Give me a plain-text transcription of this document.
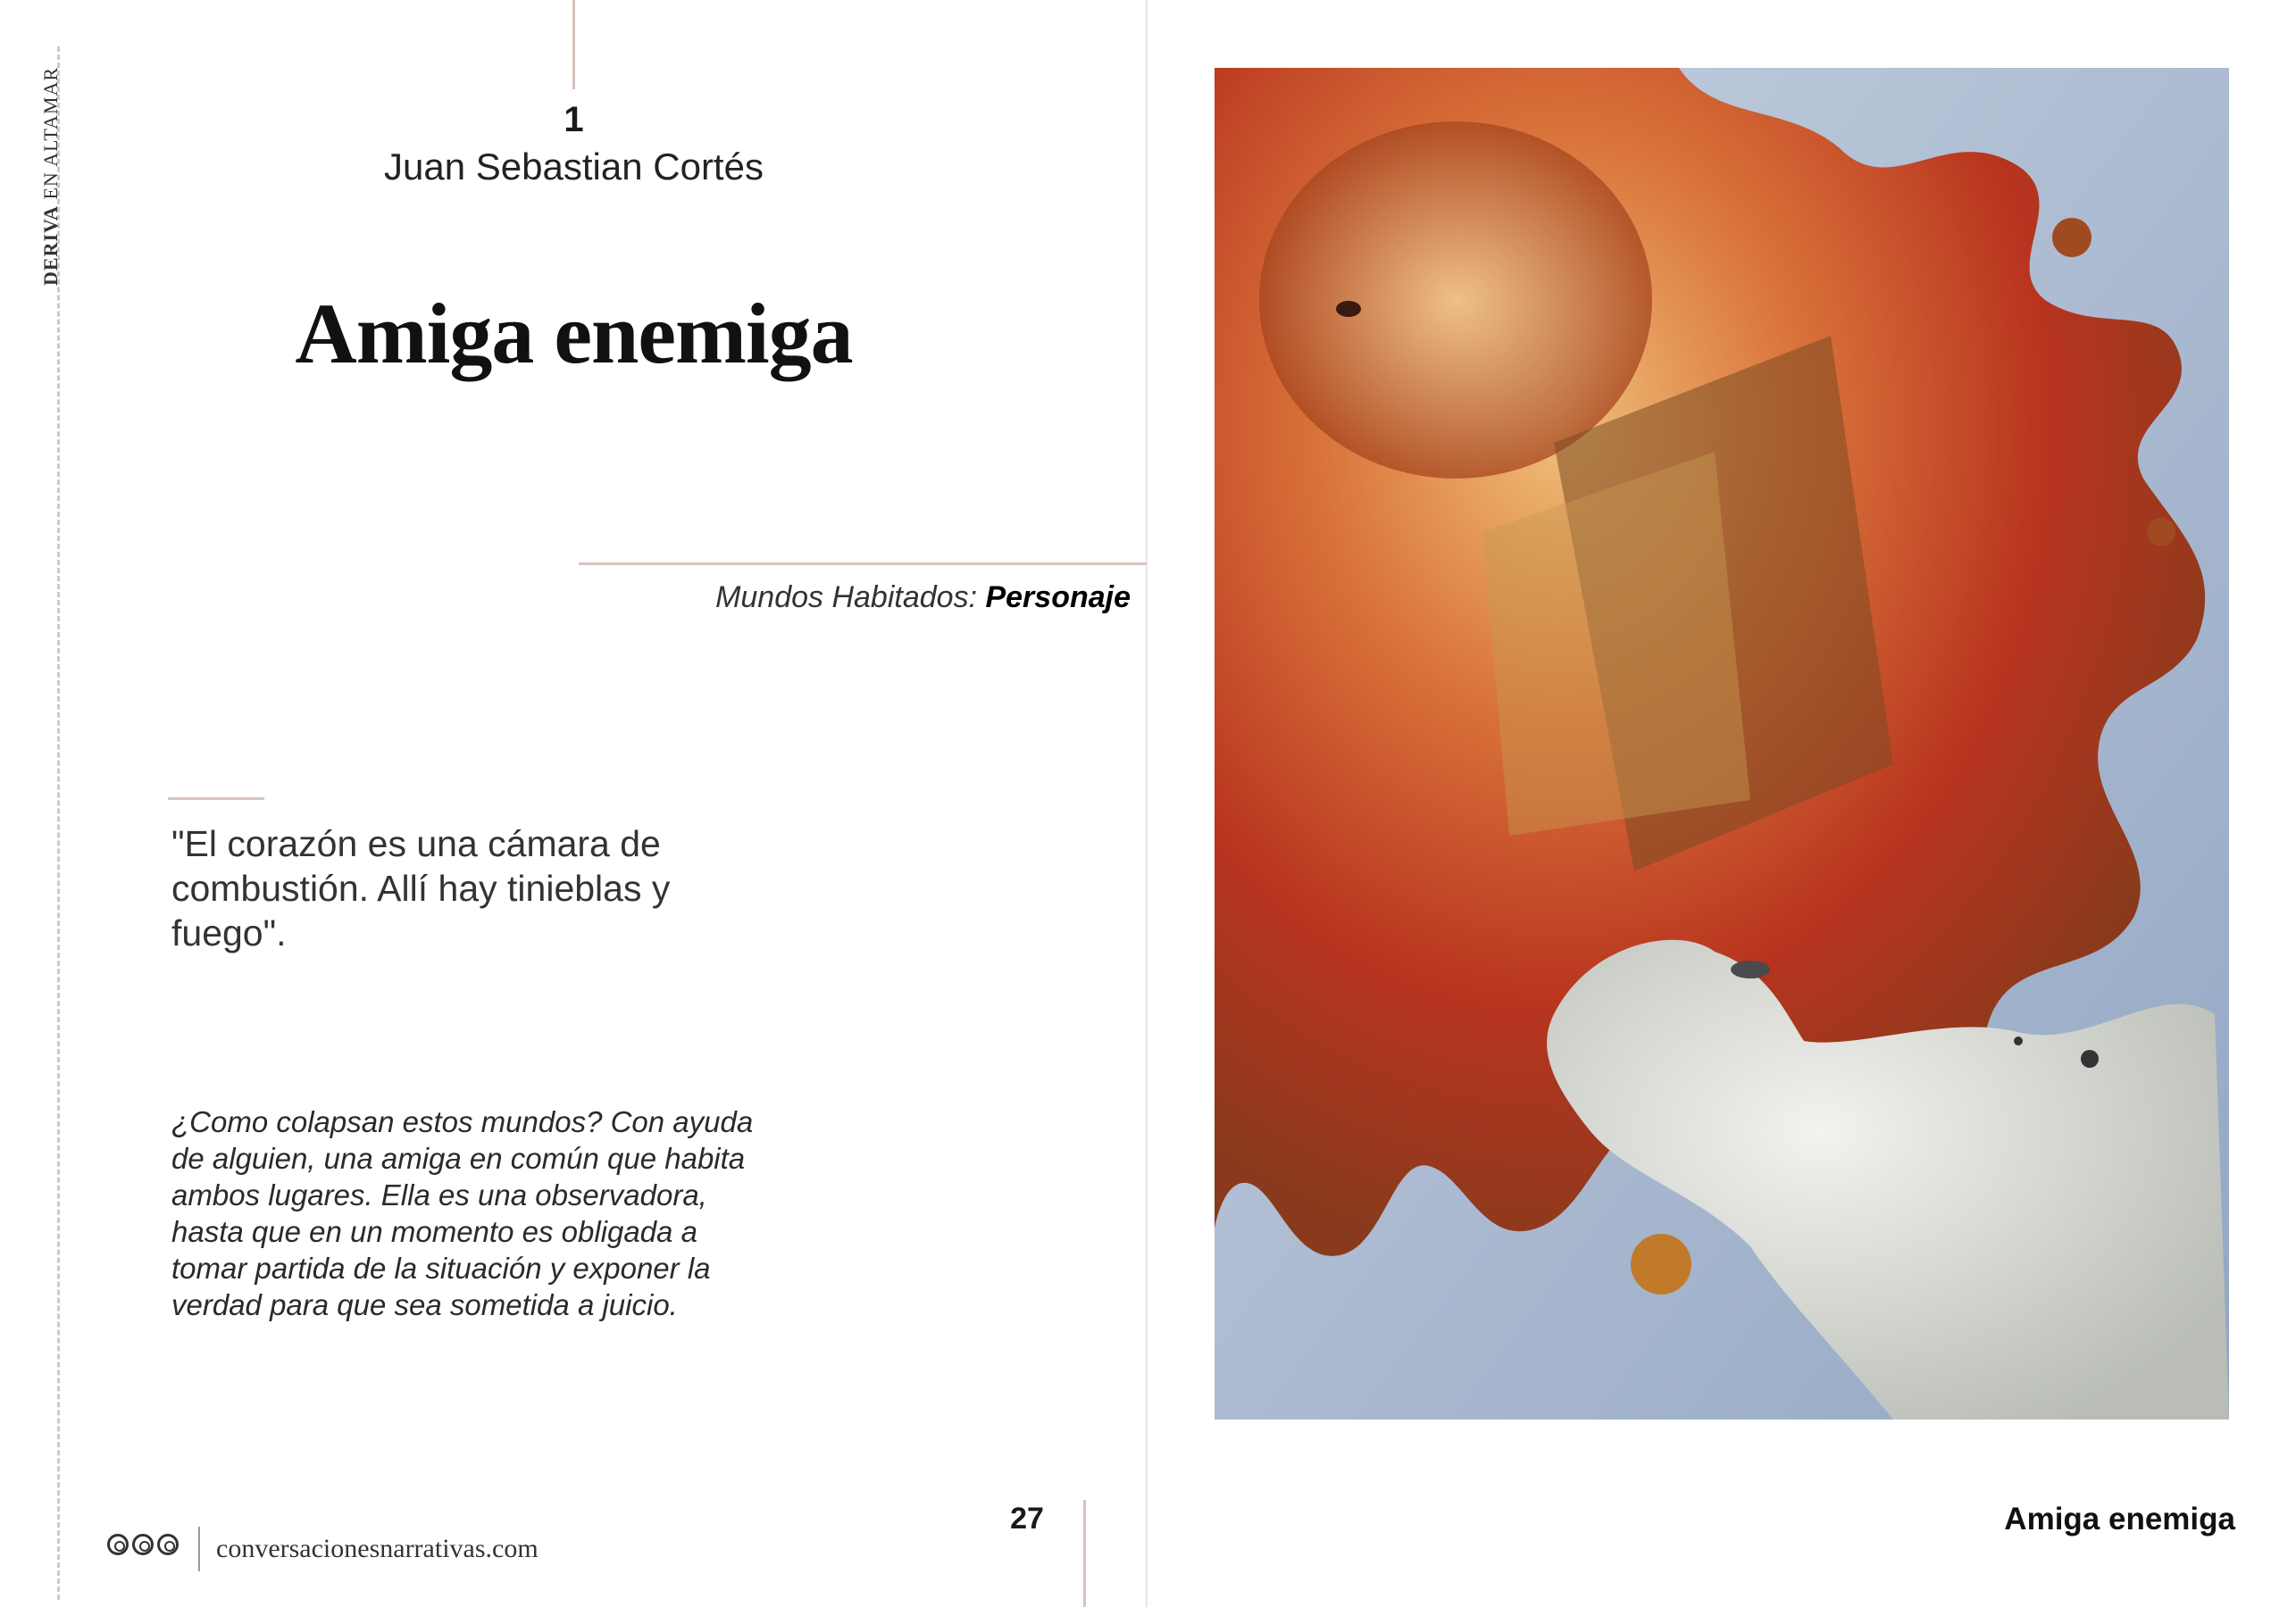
DERIVA EN ALTAMAR	1
Juan Sebastian Cortés
Amiga enemiga
Mundos Habitados: Personaje
"El corazón es una cámara de combustión. Allí hay tinieblas y fuego".
¿Como colapsan estos mundos? Con ayuda de alguien, una amiga en común que habita ambos lugares. Ella es una observadora, hasta que en un momento es obligada a tomar partida de la situación y exponer la verdad para que sea sometida a juicio.
conversacionesnarrativas.com
27	Amiga enemiga
